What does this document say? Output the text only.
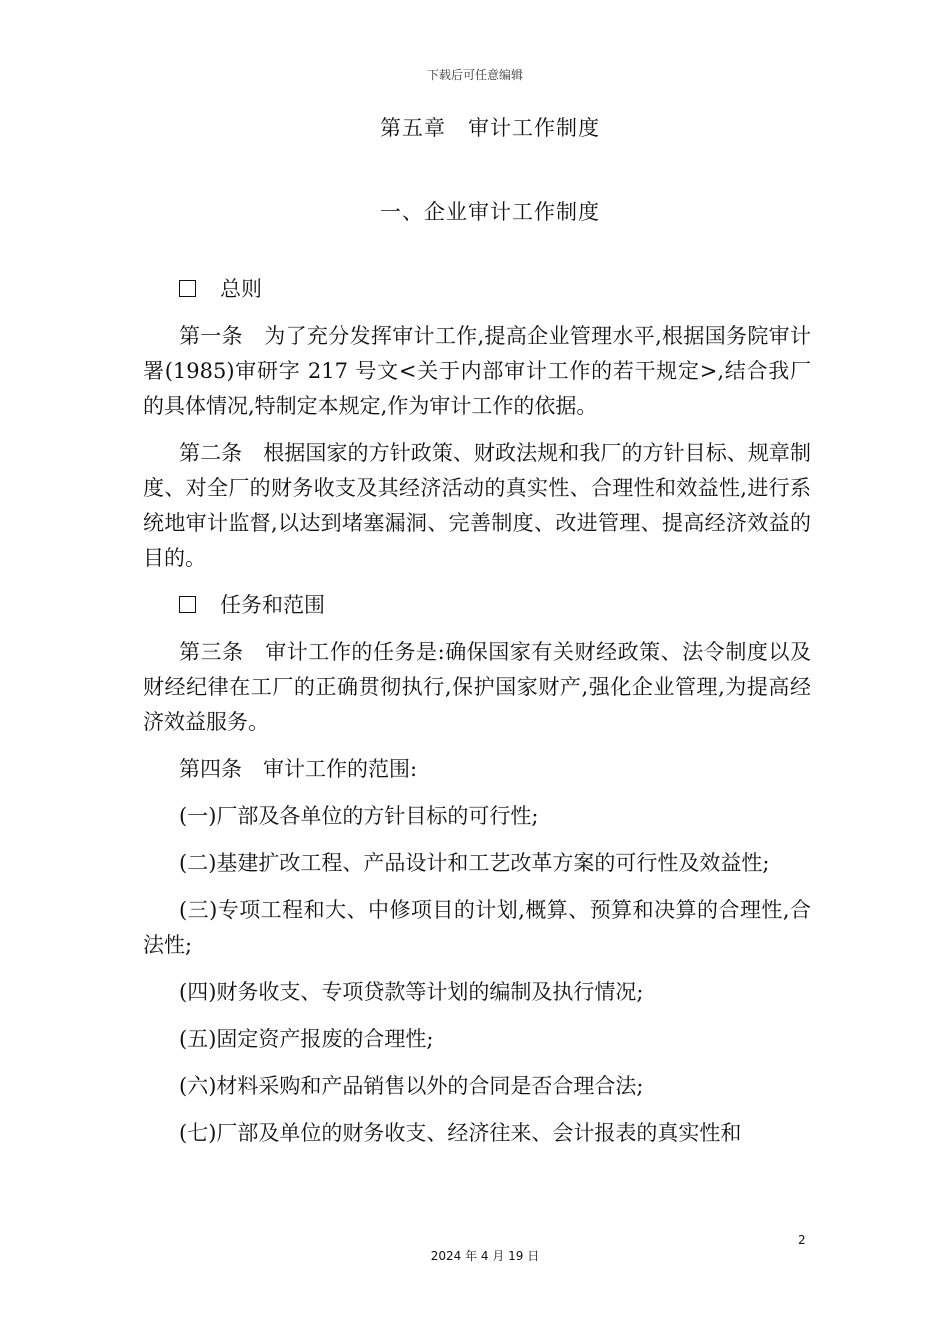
下载后可任意编辑
第五章　审计工作制度
一、企业审计工作制度

总则

第一条　为了充分发挥审计工作,提高企业管理水平,根据国务院审计署(1985)审研字 217 号文<关于内部审计工作的若干规定>,结合我厂的具体情况,特制定本规定,作为审计工作的依据。

第二条　根据国家的方针政策、财政法规和我厂的方针目标、规章制度、对全厂的财务收支及其经济活动的真实性、合理性和效益性,进行系统地审计监督,以达到堵塞漏洞、完善制度、改进管理、提高经济效益的目的。

任务和范围

第三条　审计工作的任务是:确保国家有关财经政策、法令制度以及财经纪律在工厂的正确贯彻执行,保护国家财产,强化企业管理,为提高经济效益服务。

第四条　审计工作的范围:

(一)厂部及各单位的方针目标的可行性;

(二)基建扩改工程、产品设计和工艺改革方案的可行性及效益性;

(三)专项工程和大、中修项目的计划,概算、预算和决算的合理性,合法性;

(四)财务收支、专项贷款等计划的编制及执行情况;

(五)固定资产报废的合理性;

(六)材料采购和产品销售以外的合同是否合理合法;

(七)厂部及单位的财务收支、经济往来、会计报表的真实性和

2
2024 年 4 月 19 日
